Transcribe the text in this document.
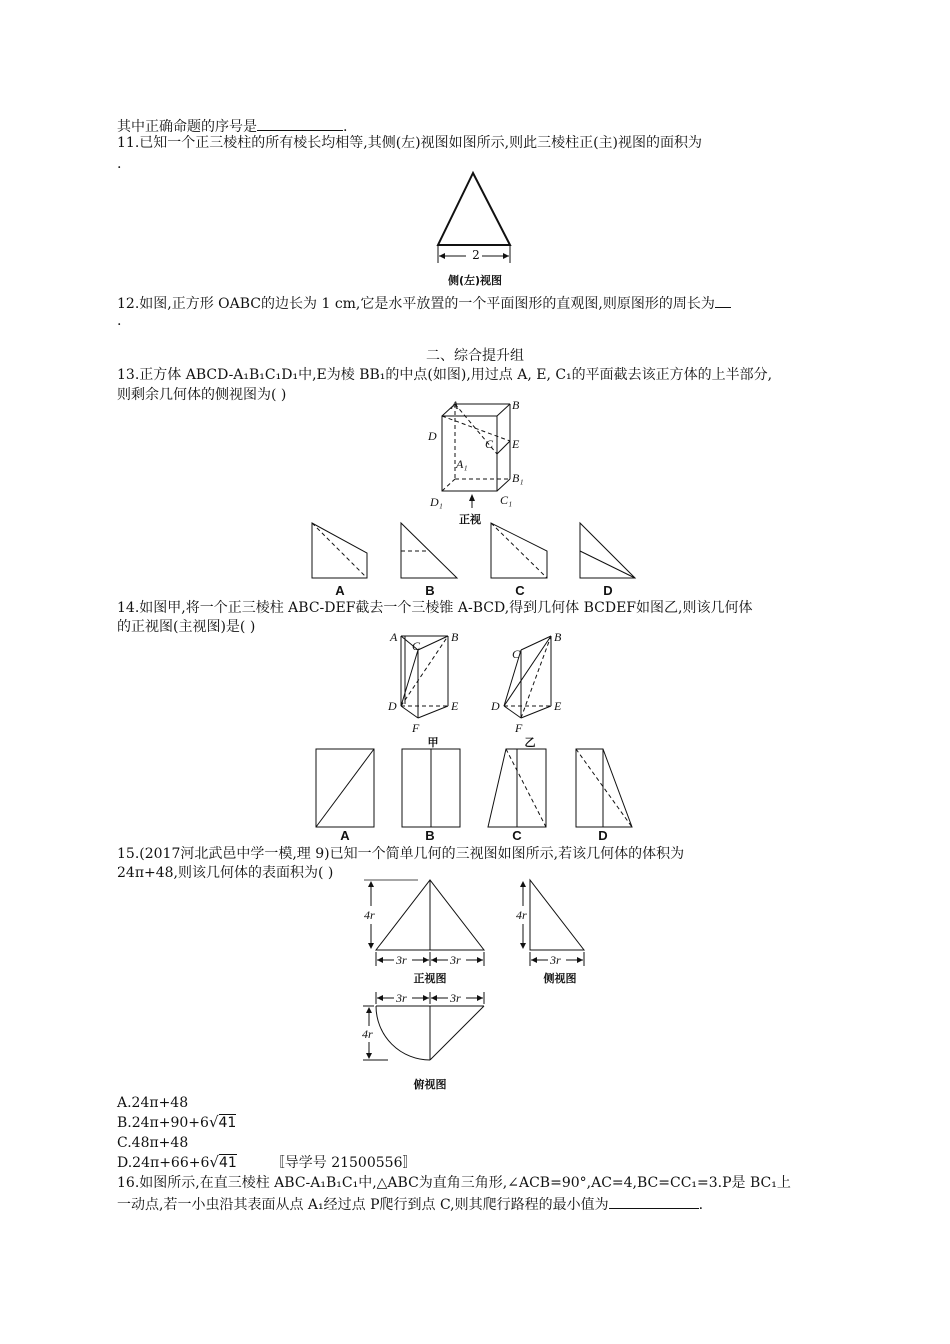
其中正确命题的序号是	.
11.已知一个正三棱柱的所有棱长均相等,其侧(左)视图如图所示,则此三棱柱正(主)视图的面积为
.
2
侧(左)视图
12.如图,正方形 OABC的边长为 1 cm,它是水平放置的一个平面图形的直观图,则原图形的周长为
.
二、综合提升组
13.正方体 ABCD-A₁B₁C₁D₁中,E为棱 BB₁的中点(如图),用过点 A, E, C₁的平面截去该正方体的上半部分,
则剩余几何体的侧视图为( )
A	B
D
C E
A₁
B₁
D₁	C₁
正视
A	B	C	D
14.如图甲,将一个正三棱柱 ABC-DEF截去一个三棱锥 A-BCD,得到几何体 BCDEF如图乙,则该几何体
的正视图(主视图)是( )
A
C
B
D	E
F
甲
C
B
D	E
F
乙
A	B	C	D
15.(2017河北武邑中学一模,理 9)已知一个简单几何的三视图如图所示,若该几何体的体积为
24π+48,则该几何体的表面积为( )
4r
3r	3r
正视图
4r
3r
侧视图
3r	3r
4r
俯视图
A.24π+48
B.24π+90+6√41
C.48π+48
D.24π+66+6√41 〚导学号 21500556〛
16.如图所示,在直三棱柱 ABC-A₁B₁C₁中,△ABC为直角三角形,∠ACB=90°,AC=4,BC=CC₁=3.P是 BC₁上
一动点,若一小虫沿其表面从点 A₁经过点 P爬行到点 C,则其爬行路程的最小值为	.
